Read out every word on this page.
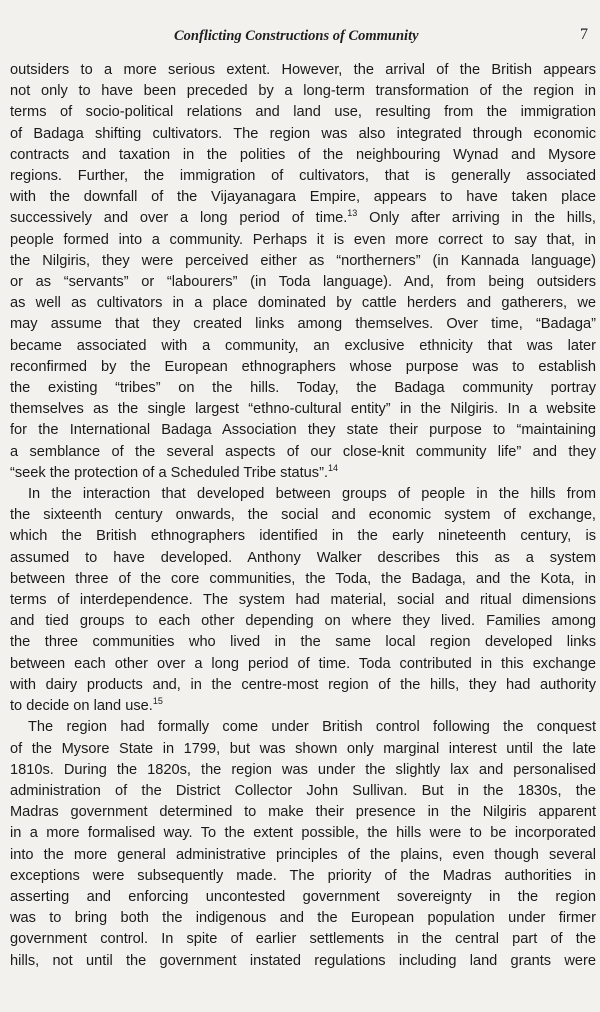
Conflicting Constructions of Community	7
outsiders to a more serious extent. However, the arrival of the British appears
not only to have been preceded by a long-term transformation of the region in
terms of socio-political relations and land use, resulting from the immigration
of Badaga shifting cultivators. The region was also integrated through economic
contracts and taxation in the polities of the neighbouring Wynad and Mysore
regions. Further, the immigration of cultivators, that is generally associated
with the downfall of the Vijayanagara Empire, appears to have taken place
successively and over a long period of time.$^{13}$ Only after arriving in the hills,
people formed into a community. Perhaps it is even more correct to say that, in
the Nilgiris, they were perceived either as “northerners” (in Kannada language)
or as “servants” or “labourers” (in Toda language). And, from being outsiders
as well as cultivators in a place dominated by cattle herders and gatherers, we
may assume that they created links among themselves. Over time, “Badaga”
became associated with a community, an exclusive ethnicity that was later
reconfirmed by the European ethnographers whose purpose was to establish
the existing “tribes” on the hills. Today, the Badaga community portray
themselves as the single largest “ethno-cultural entity” in the Nilgiris. In a website
for the International Badaga Association they state their purpose to “maintaining
a semblance of the several aspects of our close-knit community life” and they
“seek the protection of a Scheduled Tribe status”.$^{14}$
In the interaction that developed between groups of people in the hills from
the sixteenth century onwards, the social and economic system of exchange,
which the British ethnographers identified in the early nineteenth century, is
assumed to have developed. Anthony Walker describes this as a system
between three of the core communities, the Toda, the Badaga, and the Kota, in
terms of interdependence. The system had material, social and ritual dimensions
and tied groups to each other depending on where they lived. Families among
the three communities who lived in the same local region developed links
between each other over a long period of time. Toda contributed in this exchange
with dairy products and, in the centre-most region of the hills, they had authority
to decide on land use.$^{15}$
The region had formally come under British control following the conquest
of the Mysore State in 1799, but was shown only marginal interest until the late
1810s. During the 1820s, the region was under the slightly lax and personalised
administration of the District Collector John Sullivan. But in the 1830s, the
Madras government determined to make their presence in the Nilgiris apparent
in a more formalised way. To the extent possible, the hills were to be incorporated
into the more general administrative principles of the plains, even though several
exceptions were subsequently made. The priority of the Madras authorities in
asserting and enforcing uncontested government sovereignty in the region
was to bring both the indigenous and the European population under firmer
government control. In spite of earlier settlements in the central part of the
hills, not until the government instated regulations including land grants were
